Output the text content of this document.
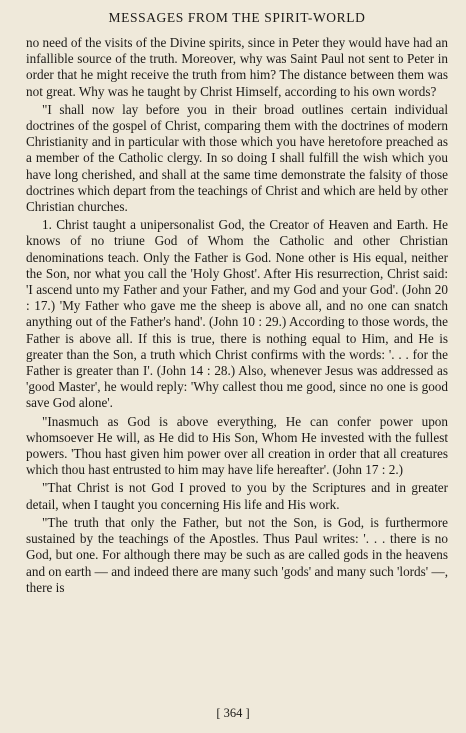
MESSAGES FROM THE SPIRIT-WORLD

no need of the visits of the Divine spirits, since in Peter they would have had an infallible source of the truth. Moreover, why was Saint Paul not sent to Peter in order that he might receive the truth from him? The distance between them was not great. Why was he taught by Christ Himself, according to his own words?

"I shall now lay before you in their broad outlines certain individual doctrines of the gospel of Christ, comparing them with the doctrines of modern Christianity and in particular with those which you have heretofore preached as a member of the Catholic clergy. In so doing I shall fulfill the wish which you have long cherished, and shall at the same time demonstrate the falsity of those doctrines which depart from the teachings of Christ and which are held by other Christian churches.

1. Christ taught a unipersonalist God, the Creator of Heaven and Earth. He knows of no triune God of Whom the Catholic and other Christian denominations teach. Only the Father is God. None other is His equal, neither the Son, nor what you call the 'Holy Ghost'. After His resurrection, Christ said: 'I ascend unto my Father and your Father, and my God and your God'. (John 20 : 17.) 'My Father who gave me the sheep is above all, and no one can snatch anything out of the Father's hand'. (John 10 : 29.) According to those words, the Father is above all. If this is true, there is nothing equal to Him, and He is greater than the Son, a truth which Christ confirms with the words: '. . . for the Father is greater than I'. (John 14 : 28.) Also, whenever Jesus was addressed as 'good Master', he would reply: 'Why callest thou me good, since no one is good save God alone'.

"Inasmuch as God is above everything, He can confer power upon whomsoever He will, as He did to His Son, Whom He invested with the fullest powers. 'Thou hast given him power over all creation in order that all creatures which thou hast entrusted to him may have life hereafter'. (John 17 : 2.)

"That Christ is not God I proved to you by the Scriptures and in greater detail, when I taught you concerning His life and His work.

"The truth that only the Father, but not the Son, is God, is furthermore sustained by the teachings of the Apostles. Thus Paul writes: '. . . there is no God, but one. For although there may be such as are called gods in the heavens and on earth — and indeed there are many such 'gods' and many such 'lords' —, there is

[ 364 ]
